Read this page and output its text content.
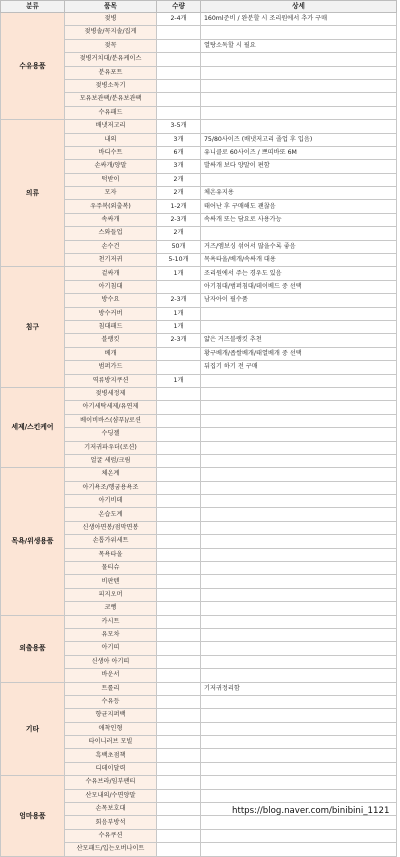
분류	품목	수량	상세
수유용품	젖병	2-4개	160ml준비 / 완분할 시 조리원에서 추가 구매
	젖병솔/꼭지솔/집게		
	젖꼭		열탕소독할 시 필요
	젖병거치대/분유케이스		
	분유포트		
	젖병소독기		
	모유보관팩/분유보관팩		
	수유패드		
의류	배냇저고리	3-5개	
	내의	3개	75/80사이즈 (배냇저고리 졸업 후 입음)
	바디수트	6개	유니클로 60사이즈 / 쁘띠바또 6M
	손싸개/양말	3개	발싸개 보다 양말이 편함
	턱받이	2개	
	모자	2개	체온유지용
	우주복(외출복)	1-2개	태어난 후 구매해도 괜찮음
	속싸개	2-3개	속싸개 또는 담요로 사용가능
	스와들업	2개	
	손수건	50개	거즈/엠보싱 섞어서 많을수록 좋음
	천기저귀	5-10개	목욕타올/베개/속싸개 대용
침구	겉싸개	1개	조리원에서 주는 경우도 있음
	아기침대		아기침대/범퍼침대/데이베드 중 선택
	방수요	2-3개	남자아이 필수품
	방수커버	1개	
	침대패드	1개	
	블랭킷	2-3개	얇은 거즈블랭킷 추천
	베개		황구베개/좁쌀베개/태열베개 중 선택
	범퍼가드		뒤집기 하기 전 구매
	역류방지쿠션	1개	
세제/스킨케어	젖병세정제		
	아기세탁세제/유연제		
	베이비바스(샴푸)/로션		
	수딩젤		
	기저귀파우더(로션)		
	얼굴 세럼/크림		
목욕/위생용품	체온계		
	아기욕조/헹굼용욕조		
	아기비데		
	온습도계		
	신생아면봉/점막면봉		
	손톱가위세트		
	목욕타올		
	물티슈		
	비판텐		
	피지오머		
	코뻥		
외출용품	카시트		
	유모차		
	아기띠		
	신생아 아기띠		
	바운서		
기타	트롤리		기저귀정리함
	수유등		
	향균지퍼백		
	애착인형		
	타이니러브 모빌		
	흑백초점책		
	디데이달력		
엄마용품	수유브라/임부팬티		
	산모내의/수면양말		
	손목보호대		
	회음부방석		
	수유쿠션		
	산모패드/입는오버나이트		
https://blog.naver.com/binibini_1121
